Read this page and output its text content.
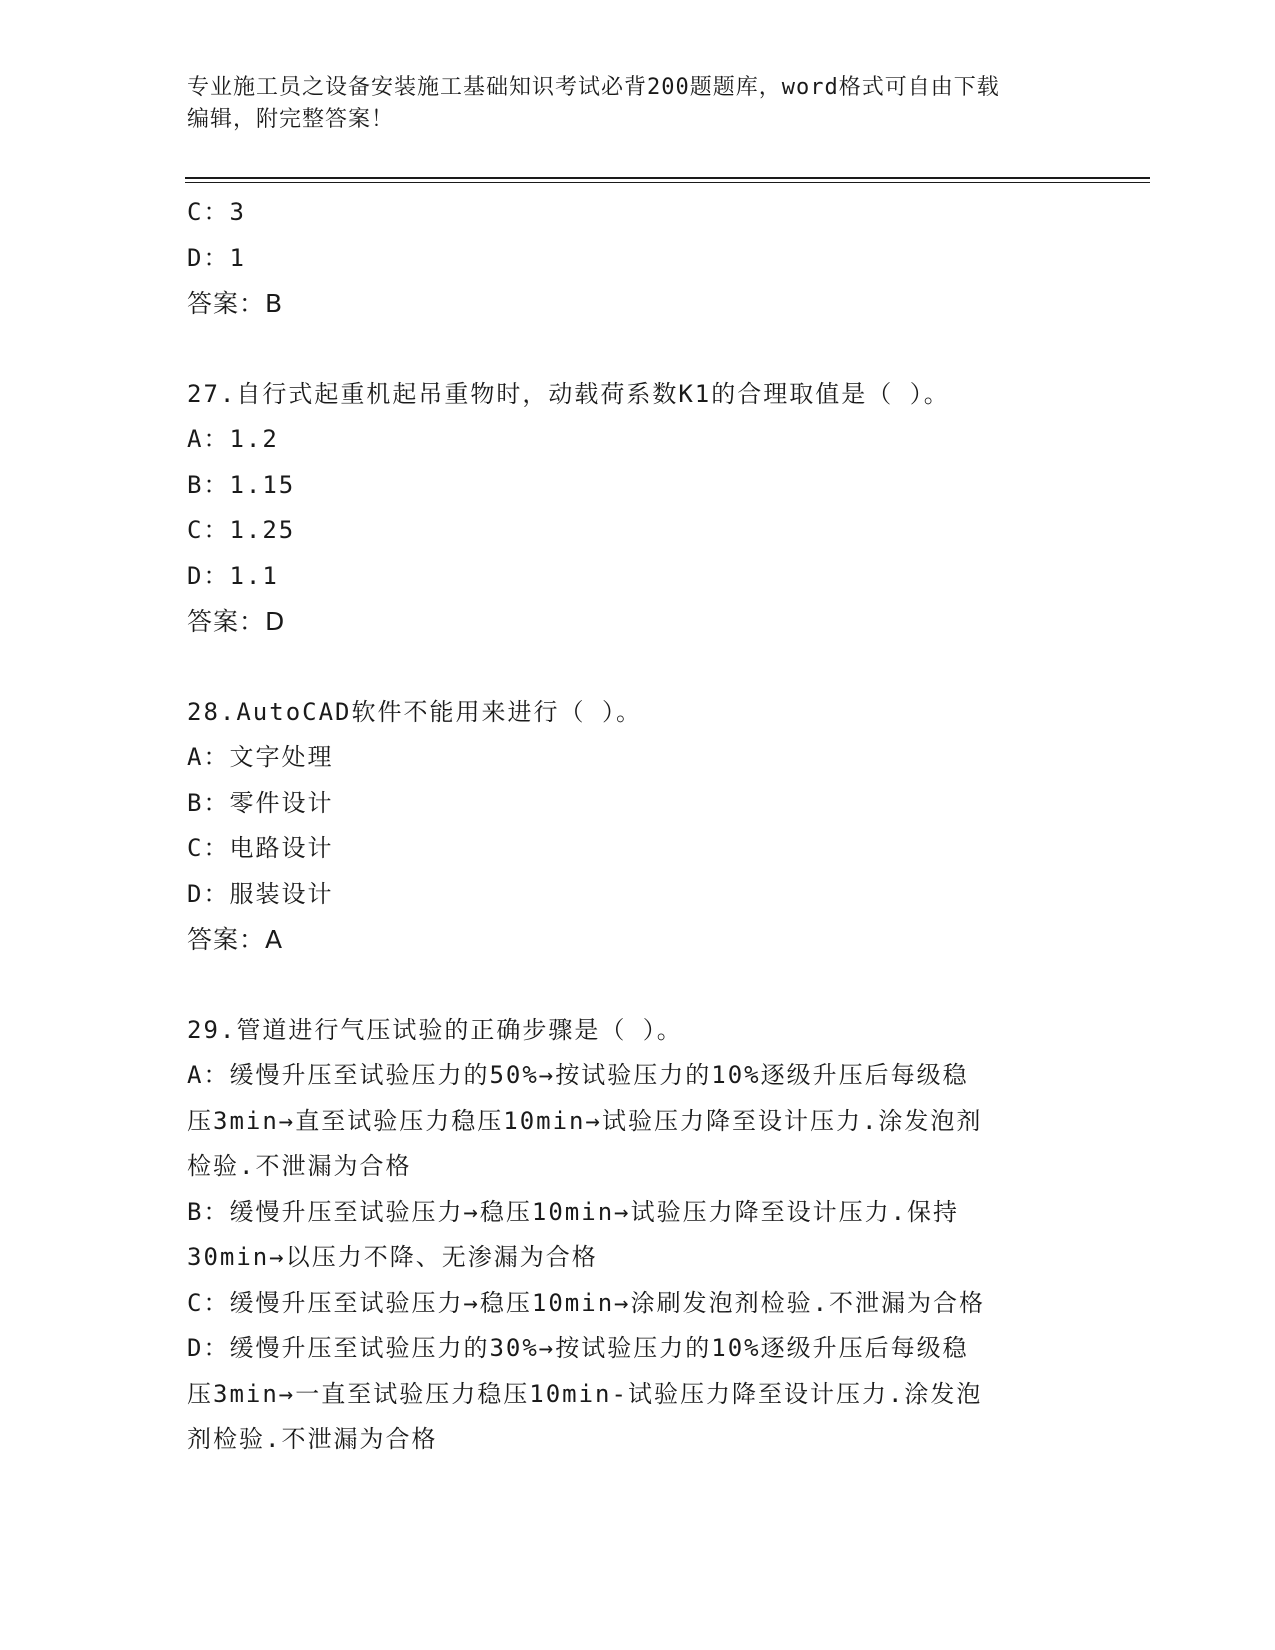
专业施工员之设备安装施工基础知识考试必背200题题库，word格式可自由下载
编辑，附完整答案！
C：3
D：1
答案：B
27.自行式起重机起吊重物时，动载荷系数K1的合理取值是（ ）。
A：1.2
B：1.15
C：1.25
D：1.1
答案：D
28.AutoCAD软件不能用来进行（ ）。
A：文字处理
B：零件设计
C：电路设计
D：服装设计
答案：A
29.管道进行气压试验的正确步骤是（ ）。
A：缓慢升压至试验压力的50%→按试验压力的10%逐级升压后每级稳
压3min→直至试验压力稳压10min→试验压力降至设计压力.涂发泡剂
检验.不泄漏为合格
B：缓慢升压至试验压力→稳压10min→试验压力降至设计压力.保持
30min→以压力不降、无渗漏为合格
C：缓慢升压至试验压力→稳压10min→涂刷发泡剂检验.不泄漏为合格
D：缓慢升压至试验压力的30%→按试验压力的10%逐级升压后每级稳
压3min→一直至试验压力稳压10min-试验压力降至设计压力.涂发泡
剂检验.不泄漏为合格
